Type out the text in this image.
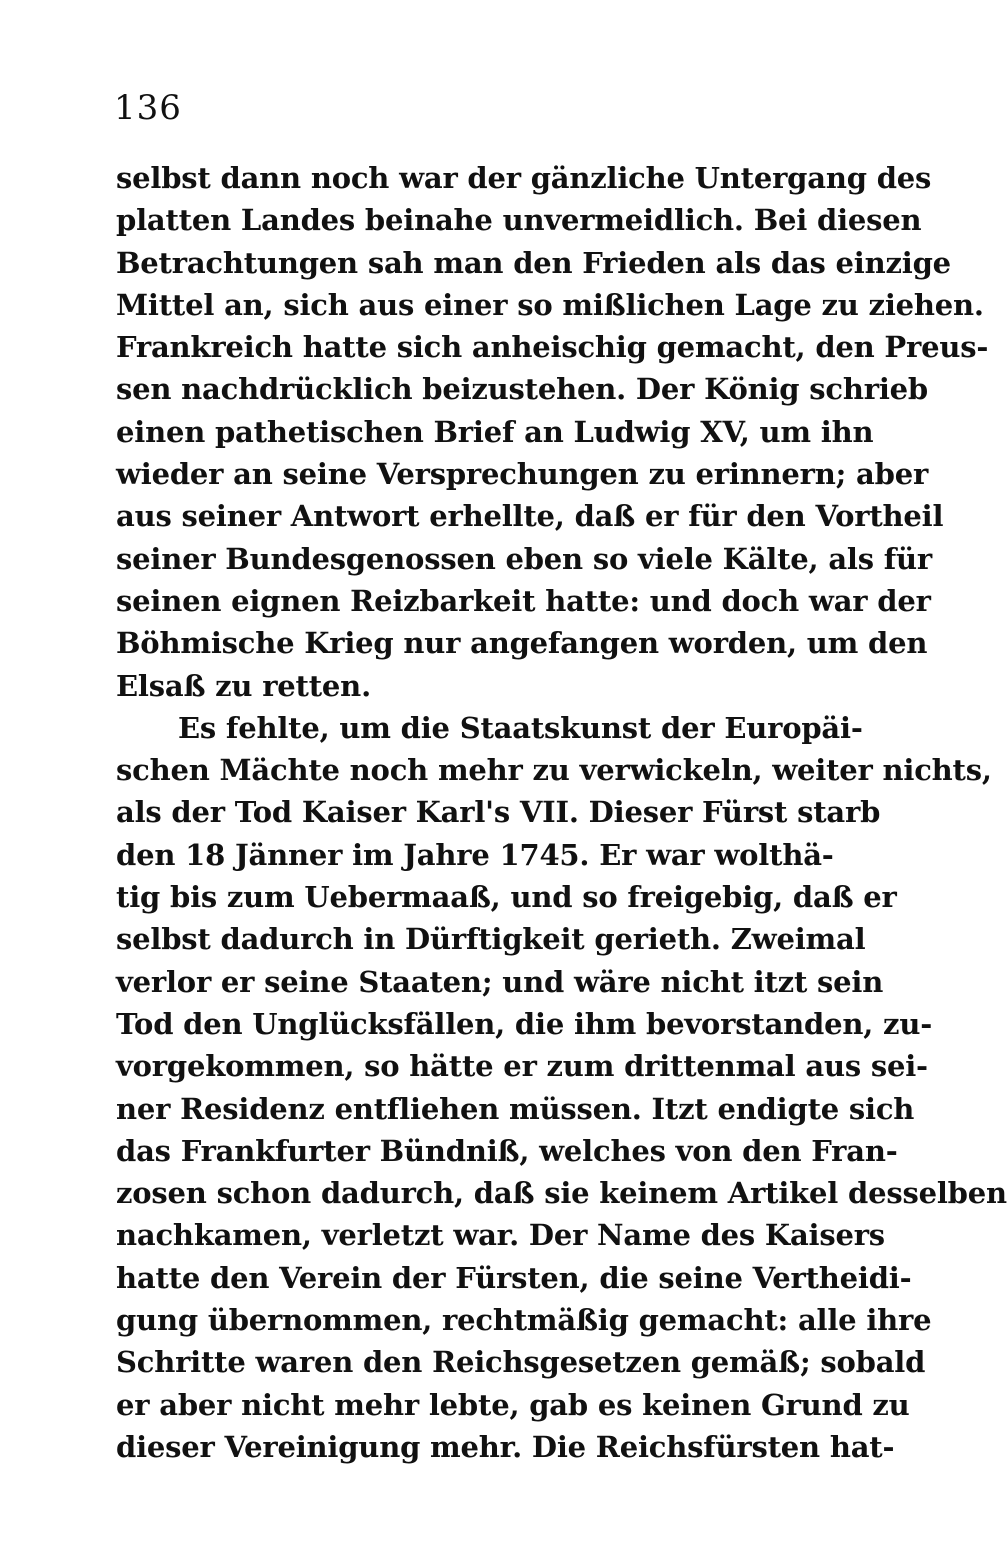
136
selbst dann noch war der gänzliche Untergang des
platten Landes beinahe unvermeidlich. Bei diesen
Betrachtungen sah man den Frieden als das einzige
Mittel an, sich aus einer so mißlichen Lage zu ziehen.
Frankreich hatte sich anheischig gemacht, den Preus-
sen nachdrücklich beizustehen. Der König schrieb
einen pathetischen Brief an Ludwig XV, um ihn
wieder an seine Versprechungen zu erinnern; aber
aus seiner Antwort erhellte, daß er für den Vortheil
seiner Bundesgenossen eben so viele Kälte, als für
seinen eignen Reizbarkeit hatte: und doch war der
Böhmische Krieg nur angefangen worden, um den
Elsaß zu retten.
Es fehlte, um die Staatskunst der Europäi-
schen Mächte noch mehr zu verwickeln, weiter nichts,
als der Tod Kaiser Karl's VII. Dieser Fürst starb
den 18 Jänner im Jahre 1745. Er war wolthä-
tig bis zum Uebermaaß, und so freigebig, daß er
selbst dadurch in Dürftigkeit gerieth. Zweimal
verlor er seine Staaten; und wäre nicht itzt sein
Tod den Unglücksfällen, die ihm bevorstanden, zu-
vorgekommen, so hätte er zum drittenmal aus sei-
ner Residenz entfliehen müssen. Itzt endigte sich
das Frankfurter Bündniß, welches von den Fran-
zosen schon dadurch, daß sie keinem Artikel desselben
nachkamen, verletzt war. Der Name des Kaisers
hatte den Verein der Fürsten, die seine Vertheidi-
gung übernommen, rechtmäßig gemacht: alle ihre
Schritte waren den Reichsgesetzen gemäß; sobald
er aber nicht mehr lebte, gab es keinen Grund zu
dieser Vereinigung mehr. Die Reichsfürsten hat-
